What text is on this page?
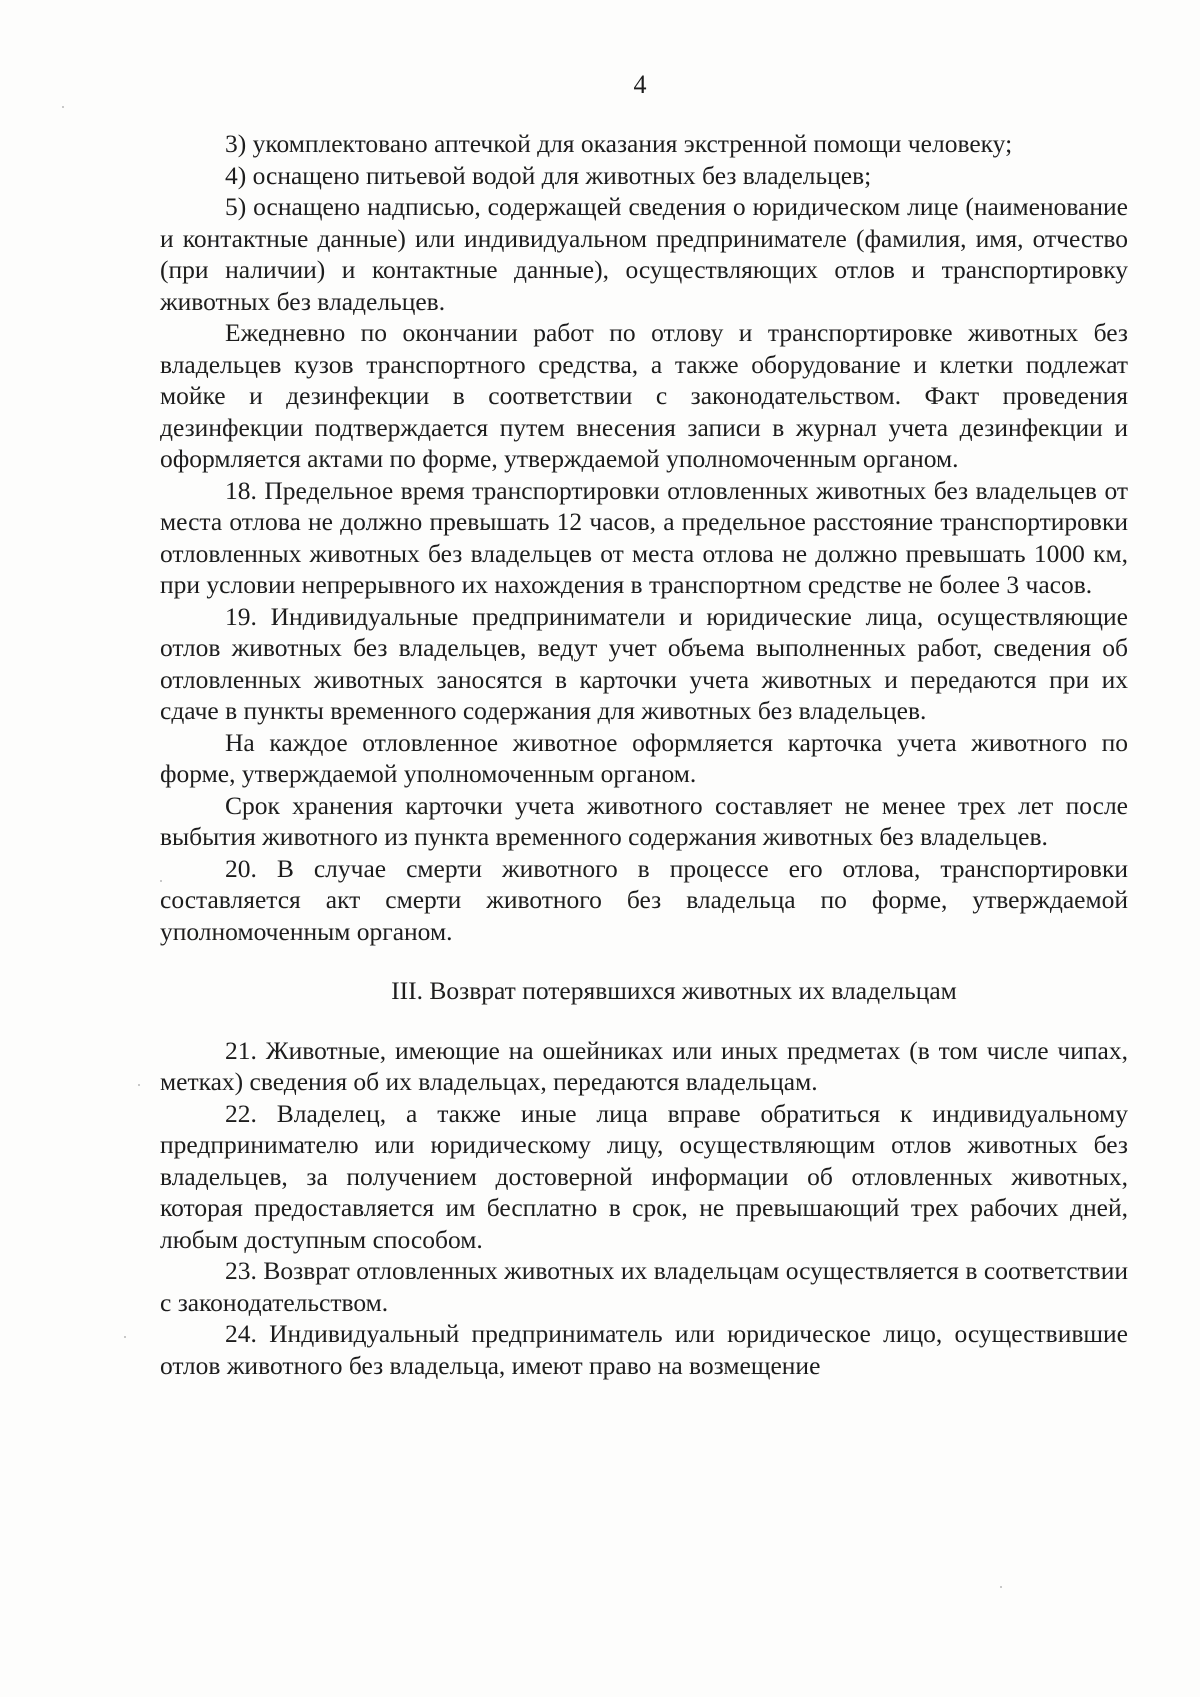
4

3) укомплектовано аптечкой для оказания экстренной помощи человеку;

4) оснащено питьевой водой для животных без владельцев;

5) оснащено надписью, содержащей сведения о юридическом лице (наименование и контактные данные) или индивидуальном предпринимателе (фамилия, имя, отчество (при наличии) и контактные данные), осуществляющих отлов и транспортировку животных без владельцев.

Ежедневно по окончании работ по отлову и транспортировке животных без владельцев кузов транспортного средства, а также оборудование и клетки подлежат мойке и дезинфекции в соответствии с законодательством. Факт проведения дезинфекции подтверждается путем внесения записи в журнал учета дезинфекции и оформляется актами по форме, утверждаемой уполномоченным органом.

18. Предельное время транспортировки отловленных животных без владельцев от места отлова не должно превышать 12 часов, а предельное расстояние транспортировки отловленных животных без владельцев от места отлова не должно превышать 1000 км, при условии непрерывного их нахождения в транспортном средстве не более 3 часов.

19. Индивидуальные предприниматели и юридические лица, осуществляющие отлов животных без владельцев, ведут учет объема выполненных работ, сведения об отловленных животных заносятся в карточки учета животных и передаются при их сдаче в пункты временного содержания для животных без владельцев.

На каждое отловленное животное оформляется карточка учета животного по форме, утверждаемой уполномоченным органом.

Срок хранения карточки учета животного составляет не менее трех лет после выбытия животного из пункта временного содержания животных без владельцев.

20. В случае смерти животного в процессе его отлова, транспортировки составляется акт смерти животного без владельца по форме, утверждаемой уполномоченным органом.

III. Возврат потерявшихся животных их владельцам

21. Животные, имеющие на ошейниках или иных предметах (в том числе чипах, метках) сведения об их владельцах, передаются владельцам.

22. Владелец, а также иные лица вправе обратиться к индивидуальному предпринимателю или юридическому лицу, осуществляющим отлов животных без владельцев, за получением достоверной информации об отловленных животных, которая предоставляется им бесплатно в срок, не превышающий трех рабочих дней, любым доступным способом.

23. Возврат отловленных животных их владельцам осуществляется в соответствии с законодательством.

24. Индивидуальный предприниматель или юридическое лицо, осуществившие отлов животного без владельца, имеют право на возмещение
